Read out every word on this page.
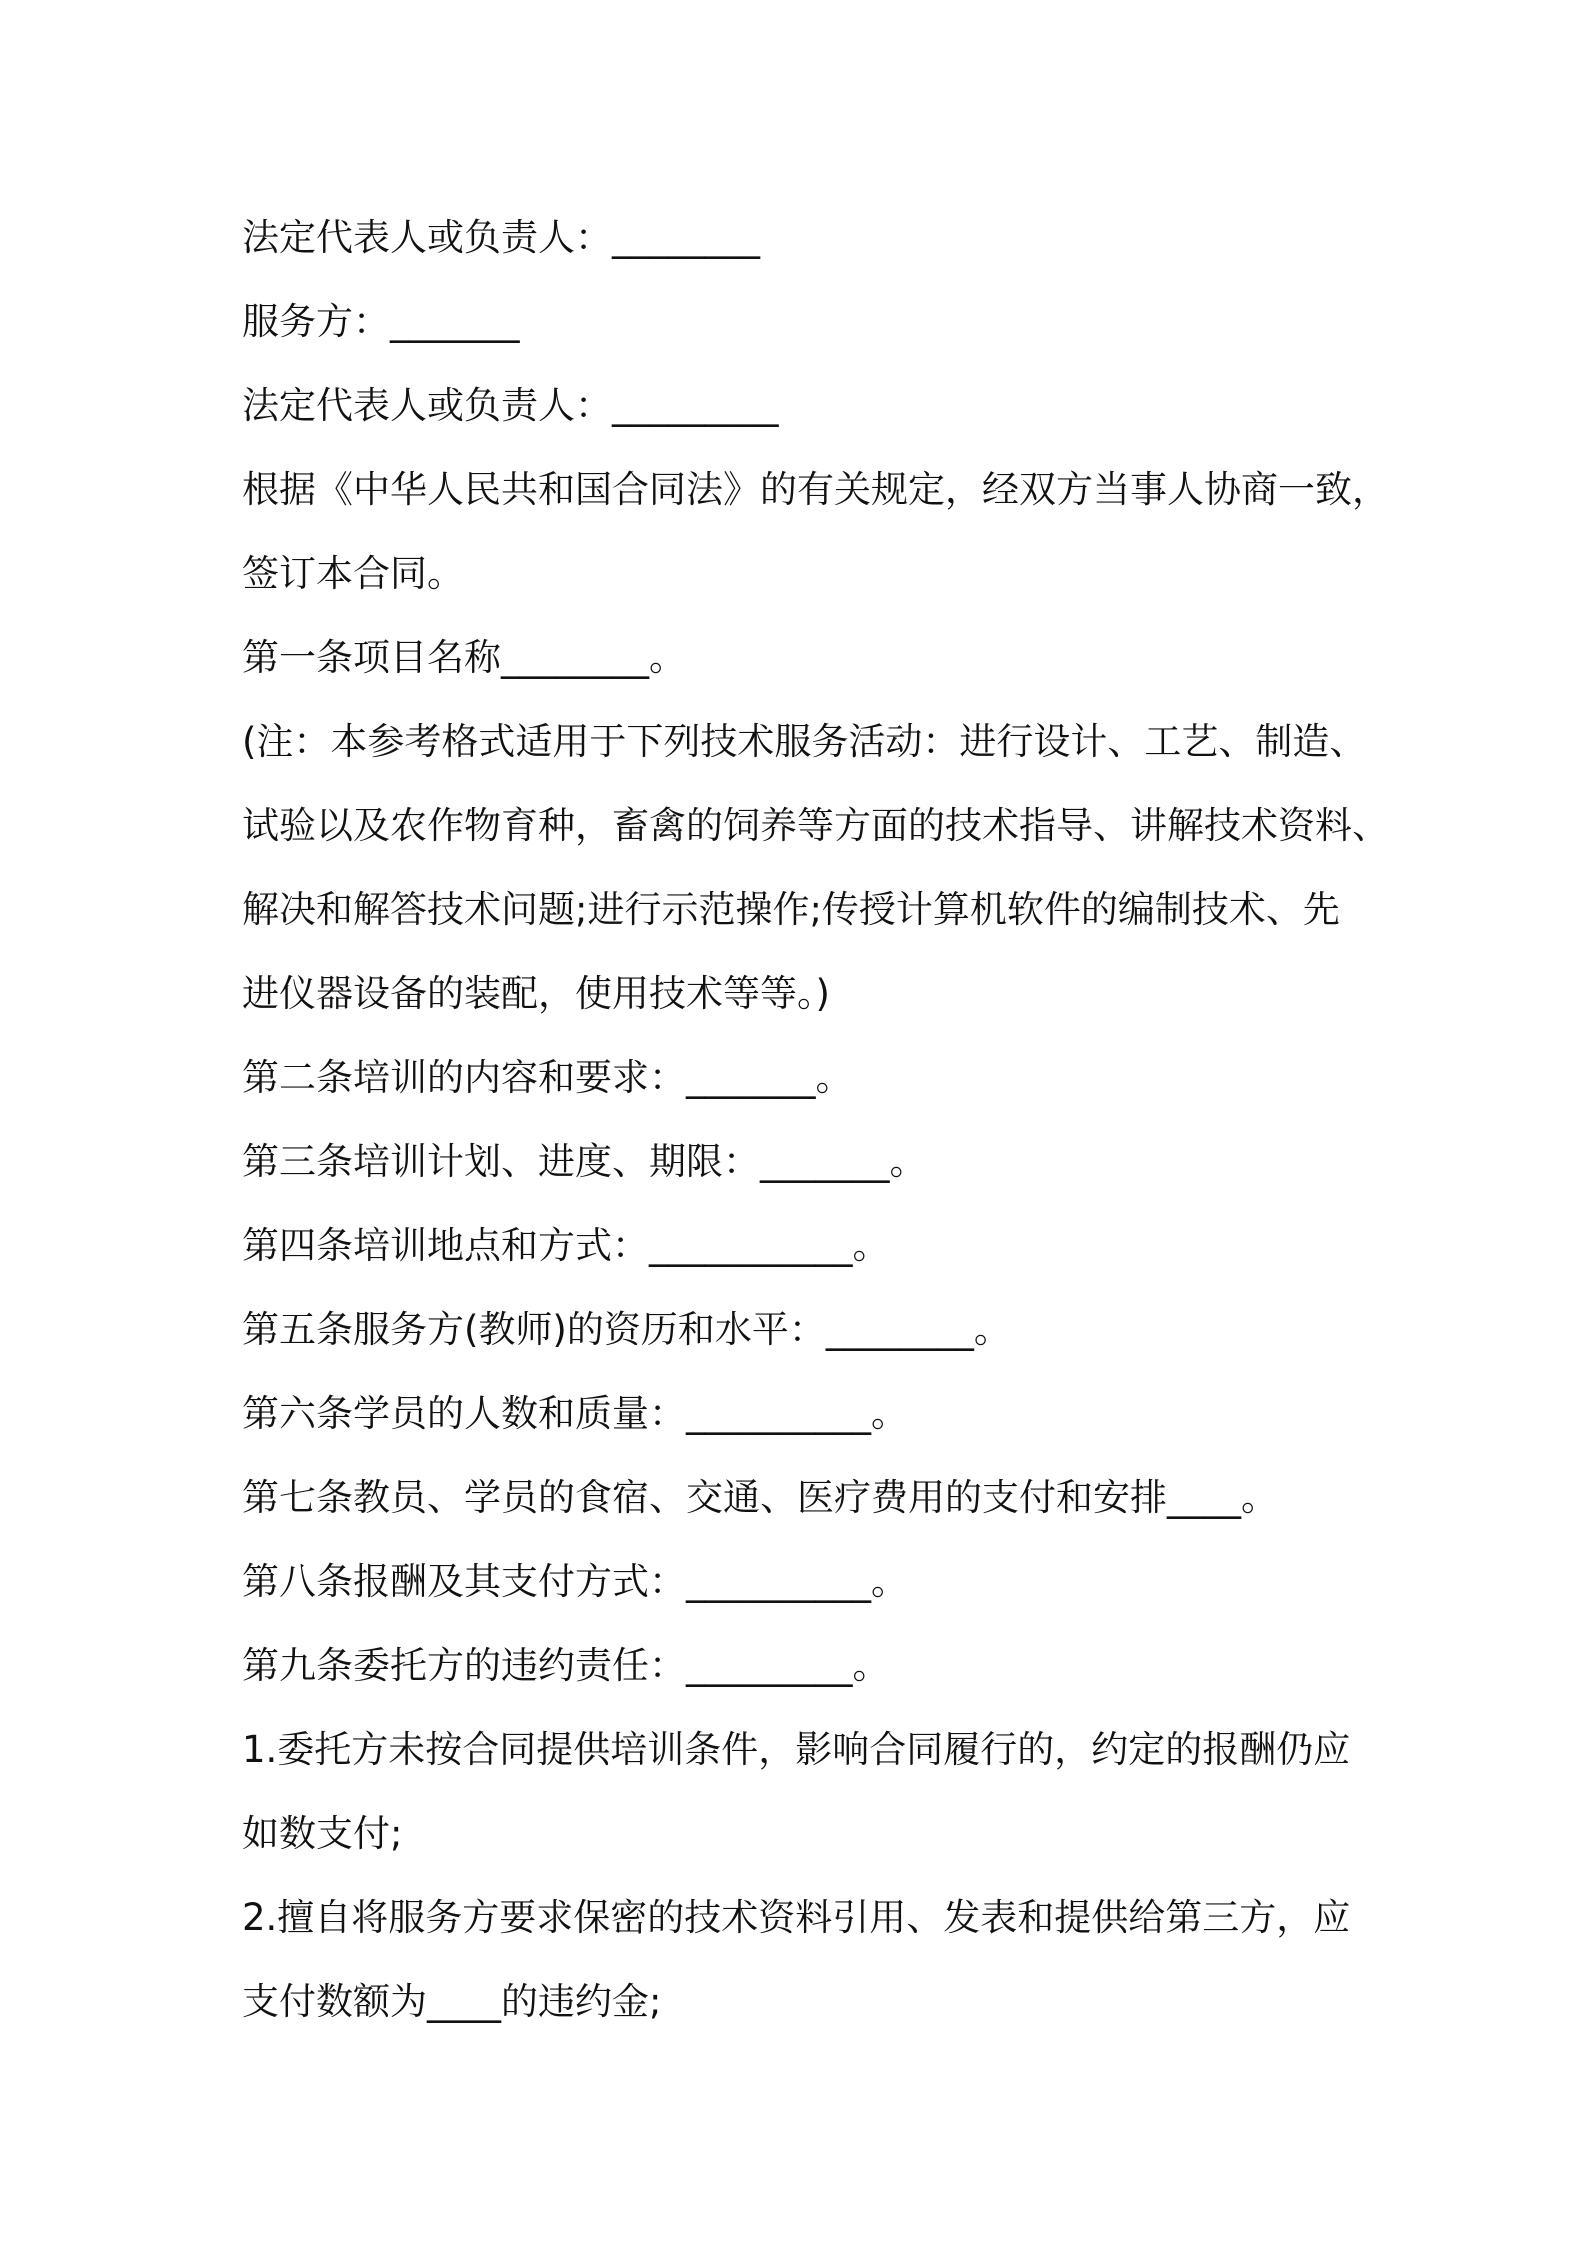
法定代表人或负责人：________
服务方：_______
法定代表人或负责人：_________
根据《中华人民共和国合同法》的有关规定，经双方当事人协商一致，
签订本合同。
第一条项目名称________。
(注：本参考格式适用于下列技术服务活动：进行设计、工艺、制造、
试验以及农作物育种，畜禽的饲养等方面的技术指导、讲解技术资料、
解决和解答技术问题;进行示范操作;传授计算机软件的编制技术、先
进仪器设备的装配，使用技术等等。)
第二条培训的内容和要求：_______。
第三条培训计划、进度、期限：_______。
第四条培训地点和方式：___________。
第五条服务方(教师)的资历和水平：________。
第六条学员的人数和质量：__________。
第七条教员、学员的食宿、交通、医疗费用的支付和安排____。
第八条报酬及其支付方式：__________。
第九条委托方的违约责任：_________。
1.委托方未按合同提供培训条件，影响合同履行的，约定的报酬仍应
如数支付;
2.擅自将服务方要求保密的技术资料引用、发表和提供给第三方，应
支付数额为____的违约金;
